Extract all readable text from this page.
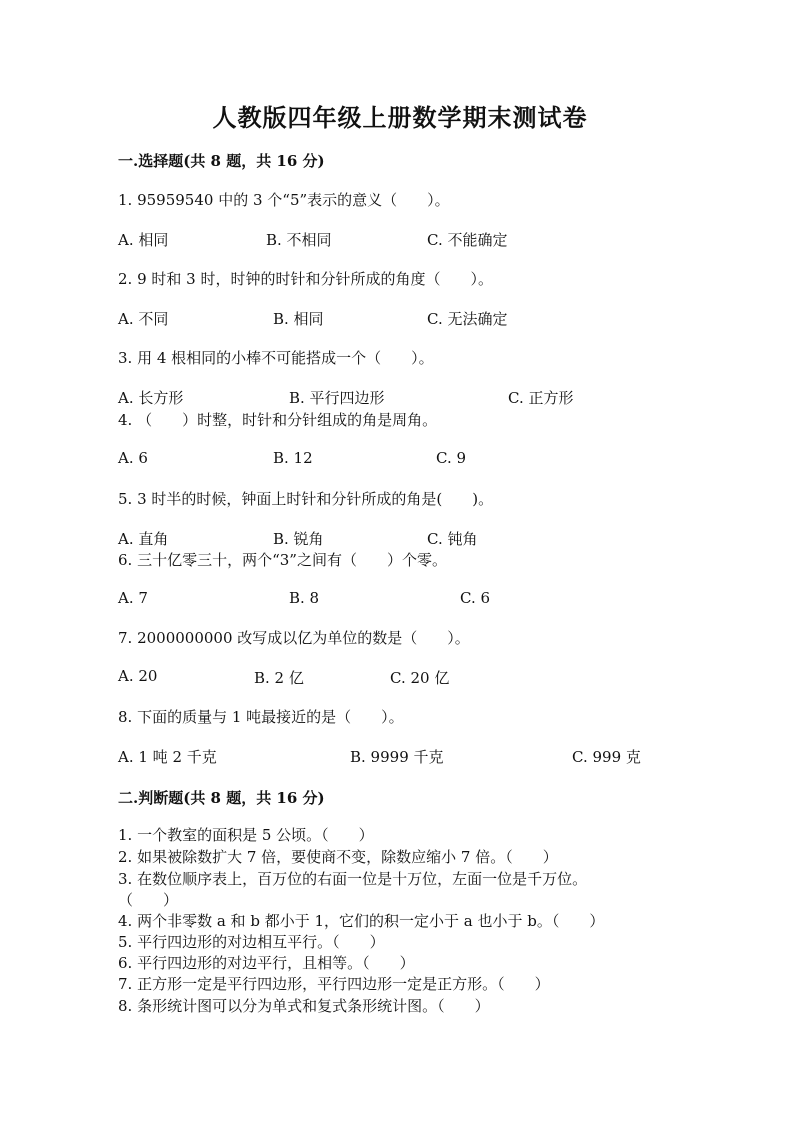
人教版四年级上册数学期末测试卷
一.选择题(共 8 题，共 16 分)
1. 95959540 中的 3 个“5”表示的意义（　　）。
A. 相同	B. 不相同	C. 不能确定
2. 9 时和 3 时，时钟的时针和分针所成的角度（　　）。
A. 不同	B. 相同	C. 无法确定
3. 用 4 根相同的小棒不可能搭成一个（　　）。
A. 长方形	B. 平行四边形	C. 正方形
4. （　　）时整，时针和分针组成的角是周角。
A. 6	B. 12	C. 9
5. 3 时半的时候，钟面上时针和分针所成的角是(　　)。
A. 直角	B. 锐角	C. 钝角
6. 三十亿零三十，两个“3”之间有（　　）个零。
A. 7	B. 8	C. 6
7. 2000000000 改写成以亿为单位的数是（　　）。
A. 20	B. 2 亿	C. 20 亿
8. 下面的质量与 1 吨最接近的是（　　）。
A. 1 吨 2 千克	B. 9999 千克	C. 999 克
二.判断题(共 8 题，共 16 分)
1. 一个教室的面积是 5 公顷。（　　）
2. 如果被除数扩大 7 倍，要使商不变，除数应缩小 7 倍。（　　）
3. 在数位顺序表上，百万位的右面一位是十万位，左面一位是千万位。
（　　）
4. 两个非零数 a 和 b 都小于 1，它们的积一定小于 a 也小于 b。（　　）
5. 平行四边形的对边相互平行。（　　）
6. 平行四边形的对边平行，且相等。（　　）
7. 正方形一定是平行四边形，平行四边形一定是正方形。（　　）
8. 条形统计图可以分为单式和复式条形统计图。（　　）
